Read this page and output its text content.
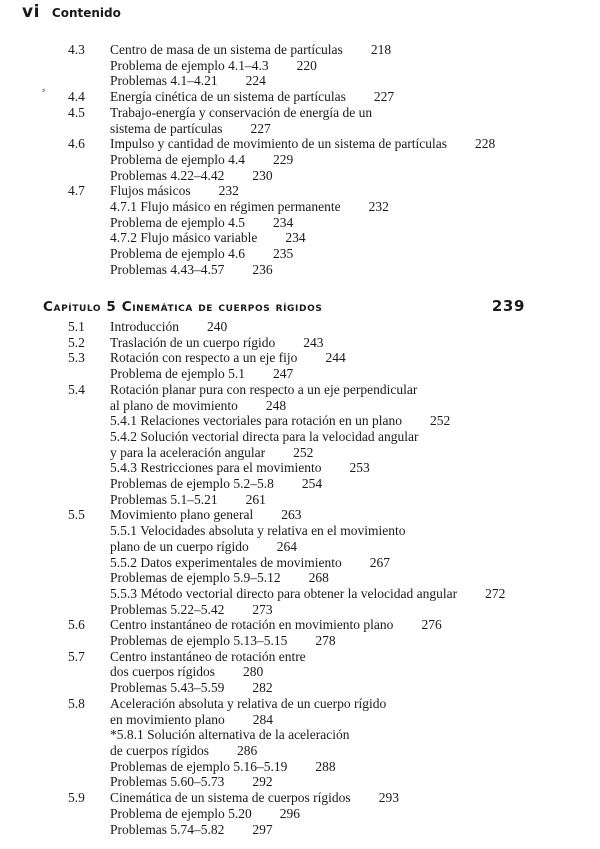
vi Contenido
⸗
4.3	Centro de masa de un sistema de partículas 218
Problema de ejemplo 4.1–4.3 220
Problemas 4.1–4.21 224
4.4	Energía cinética de un sistema de partículas 227
4.5	Trabajo-energía y conservación de energía de un
sistema de partículas 227
4.6	Impulso y cantidad de movimiento de un sistema de partículas 228
Problema de ejemplo 4.4 229
Problemas 4.22–4.42 230
4.7	Flujos másicos 232
4.7.1 Flujo másico en régimen permanente 232
Problema de ejemplo 4.5 234
4.7.2 Flujo másico variable 234
Problema de ejemplo 4.6 235
Problemas 4.43–4.57 236
Capítulo 5 Cinemática de cuerpos rígidos	239
5.1	Introducción 240
5.2	Traslación de un cuerpo rígido 243
5.3	Rotación con respecto a un eje fijo 244
Problema de ejemplo 5.1 247
5.4	Rotación planar pura con respecto a un eje perpendicular
al plano de movimiento 248
5.4.1 Relaciones vectoriales para rotación en un plano 252
5.4.2 Solución vectorial directa para la velocidad angular
y para la aceleración angular 252
5.4.3 Restricciones para el movimiento 253
Problemas de ejemplo 5.2–5.8 254
Problemas 5.1–5.21 261
5.5	Movimiento plano general 263
5.5.1 Velocidades absoluta y relativa en el movimiento
plano de un cuerpo rígido 264
5.5.2 Datos experimentales de movimiento 267
Problemas de ejemplo 5.9–5.12 268
5.5.3 Método vectorial directo para obtener la velocidad angular 272
Problemas 5.22–5.42 273
5.6	Centro instantáneo de rotación en movimiento plano 276
Problemas de ejemplo 5.13–5.15 278
5.7	Centro instantáneo de rotación entre
dos cuerpos rígidos 280
Problemas 5.43–5.59 282
5.8	Aceleración absoluta y relativa de un cuerpo rígido
en movimiento plano 284
*5.8.1 Solución alternativa de la aceleración
de cuerpos rígidos 286
Problemas de ejemplo 5.16–5.19 288
Problemas 5.60–5.73 292
5.9	Cinemática de un sistema de cuerpos rígidos 293
Problema de ejemplo 5.20 296
Problemas 5.74–5.82 297
